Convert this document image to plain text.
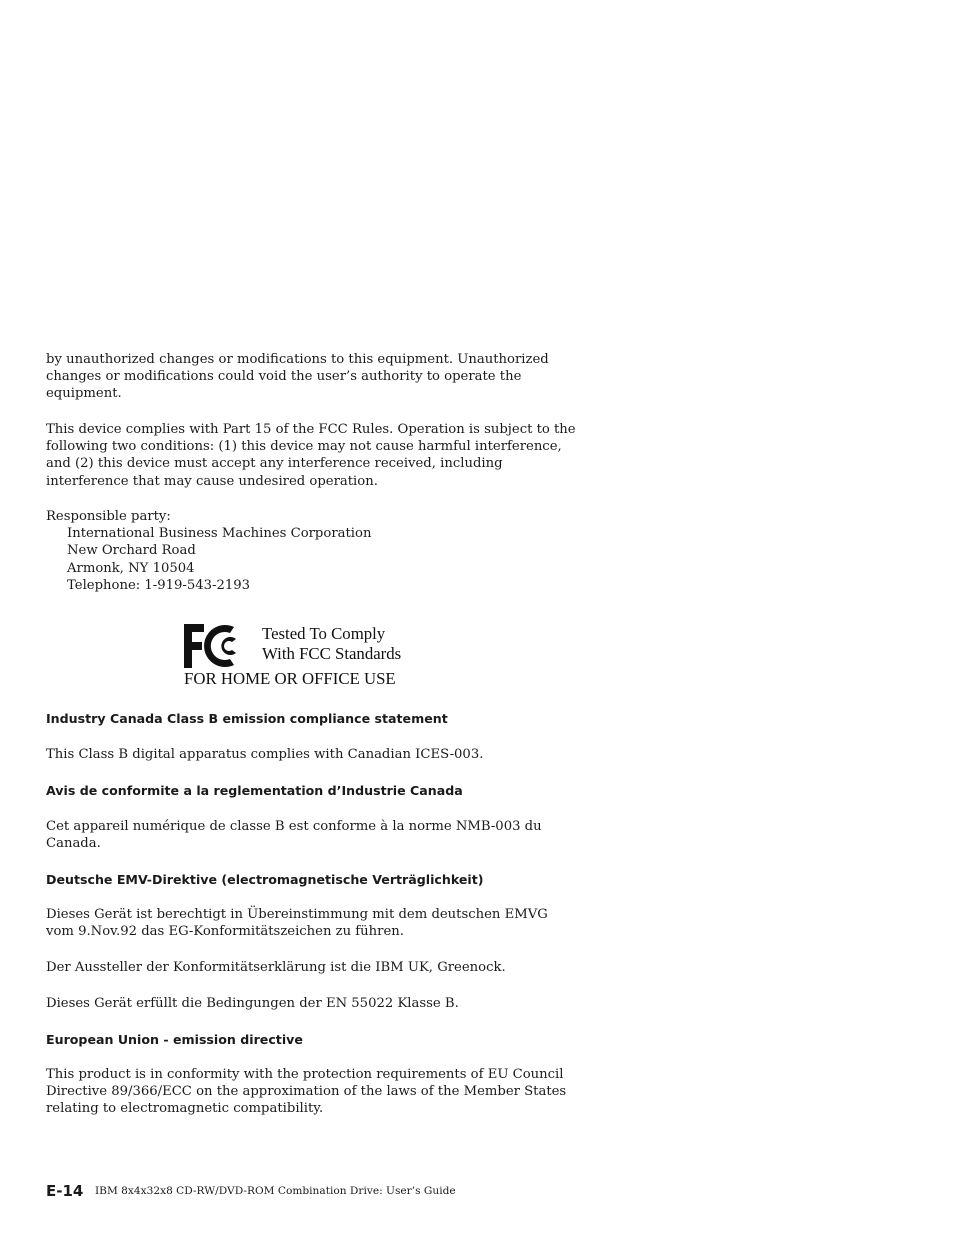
by unauthorized changes or modifications to this equipment. Unauthorized
changes or modifications could void the user’s authority to operate the
equipment.

This device complies with Part 15 of the FCC Rules. Operation is subject to the
following two conditions: (1) this device may not cause harmful interference,
and (2) this device must accept any interference received, including
interference that may cause undesired operation.

Responsible party:
International Business Machines Corporation
New Orchard Road
Armonk, NY 10504
Telephone: 1-919-543-2193
Tested To Comply
With FCC Standards
FOR HOME OR OFFICE USE
Industry Canada Class B emission compliance statement

This Class B digital apparatus complies with Canadian ICES-003.

Avis de conformite a la reglementation d’Industrie Canada

Cet appareil numérique de classe B est conforme à la norme NMB-003 du
Canada.

Deutsche EMV-Direktive (electromagnetische Verträglichkeit)

Dieses Gerät ist berechtigt in Übereinstimmung mit dem deutschen EMVG
vom 9.Nov.92 das EG-Konformitätszeichen zu führen.

Der Aussteller der Konformitätserklärung ist die IBM UK, Greenock.

Dieses Gerät erfüllt die Bedingungen der EN 55022 Klasse B.

European Union - emission directive

This product is in conformity with the protection requirements of EU Council
Directive 89/366/ECC on the approximation of the laws of the Member States
relating to electromagnetic compatibility.

E-14 IBM 8x4x32x8 CD-RW/DVD-ROM Combination Drive: User’s Guide
